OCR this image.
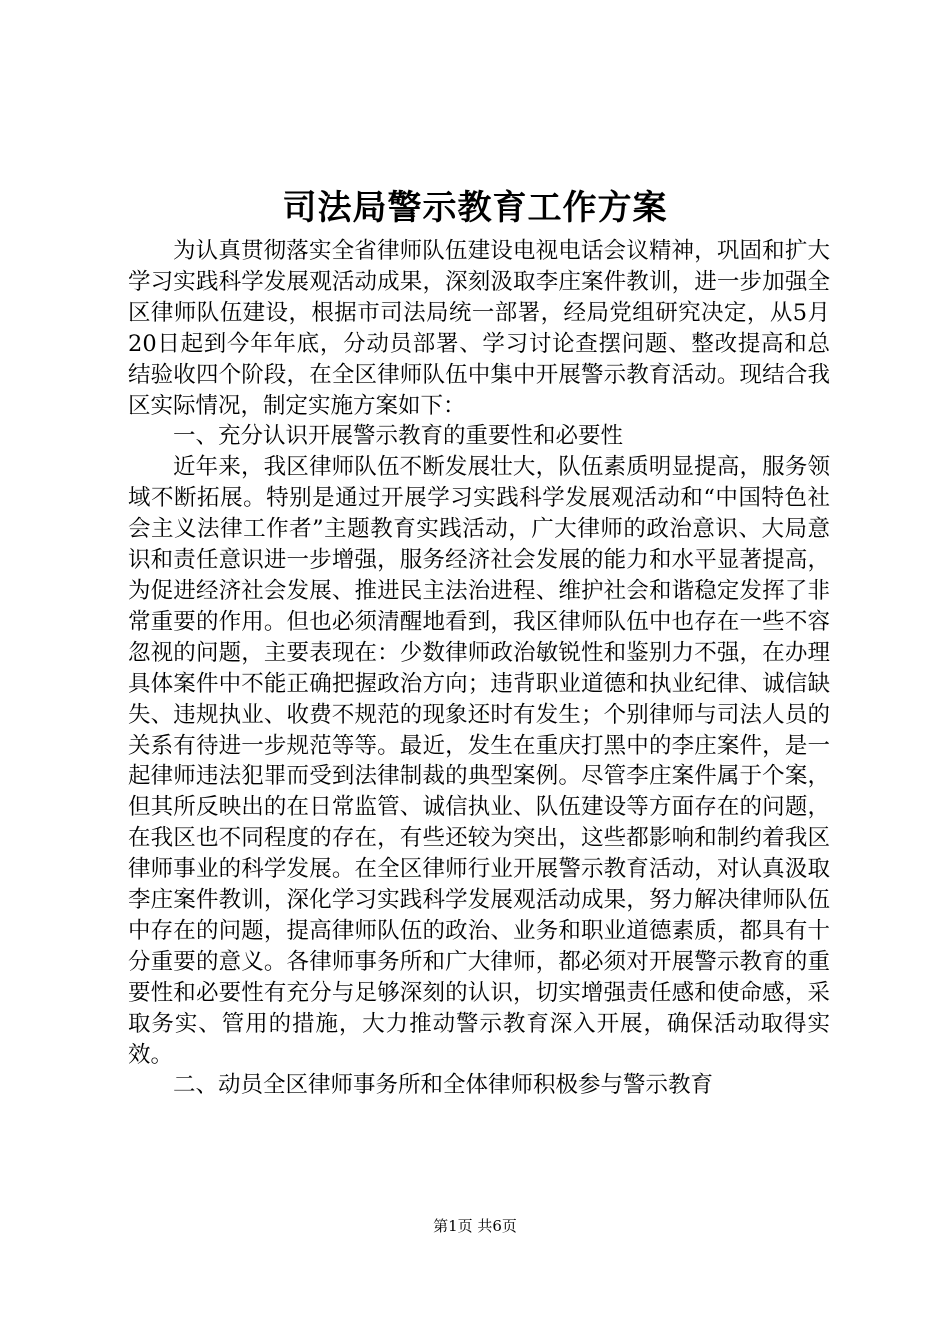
司法局警示教育工作方案

为认真贯彻落实全省律师队伍建设电视电话会议精神，巩固和扩大学习实践科学发展观活动成果，深刻汲取李庄案件教训，进一步加强全区律师队伍建设，根据市司法局统一部署，经局党组研究决定，从5月20日起到今年年底，分动员部署、学习讨论查摆问题、整改提高和总结验收四个阶段，在全区律师队伍中集中开展警示教育活动。现结合我区实际情况，制定实施方案如下：

一、充分认识开展警示教育的重要性和必要性

近年来，我区律师队伍不断发展壮大，队伍素质明显提高，服务领域不断拓展。特别是通过开展学习实践科学发展观活动和“中国特色社会主义法律工作者”主题教育实践活动，广大律师的政治意识、大局意识和责任意识进一步增强，服务经济社会发展的能力和水平显著提高，为促进经济社会发展、推进民主法治进程、维护社会和谐稳定发挥了非常重要的作用。但也必须清醒地看到，我区律师队伍中也存在一些不容忽视的问题，主要表现在：少数律师政治敏锐性和鉴别力不强，在办理具体案件中不能正确把握政治方向；违背职业道德和执业纪律、诚信缺失、违规执业、收费不规范的现象还时有发生；个别律师与司法人员的关系有待进一步规范等等。最近，发生在重庆打黑中的李庄案件，是一起律师违法犯罪而受到法律制裁的典型案例。尽管李庄案件属于个案，但其所反映出的在日常监管、诚信执业、队伍建设等方面存在的问题，在我区也不同程度的存在，有些还较为突出，这些都影响和制约着我区律师事业的科学发展。在全区律师行业开展警示教育活动，对认真汲取李庄案件教训，深化学习实践科学发展观活动成果，努力解决律师队伍中存在的问题，提高律师队伍的政治、业务和职业道德素质，都具有十分重要的意义。各律师事务所和广大律师，都必须对开展警示教育的重要性和必要性有充分与足够深刻的认识，切实增强责任感和使命感，采取务实、管用的措施，大力推动警示教育深入开展，确保活动取得实效。

二、动员全区律师事务所和全体律师积极参与警示教育

第1页 共6页
